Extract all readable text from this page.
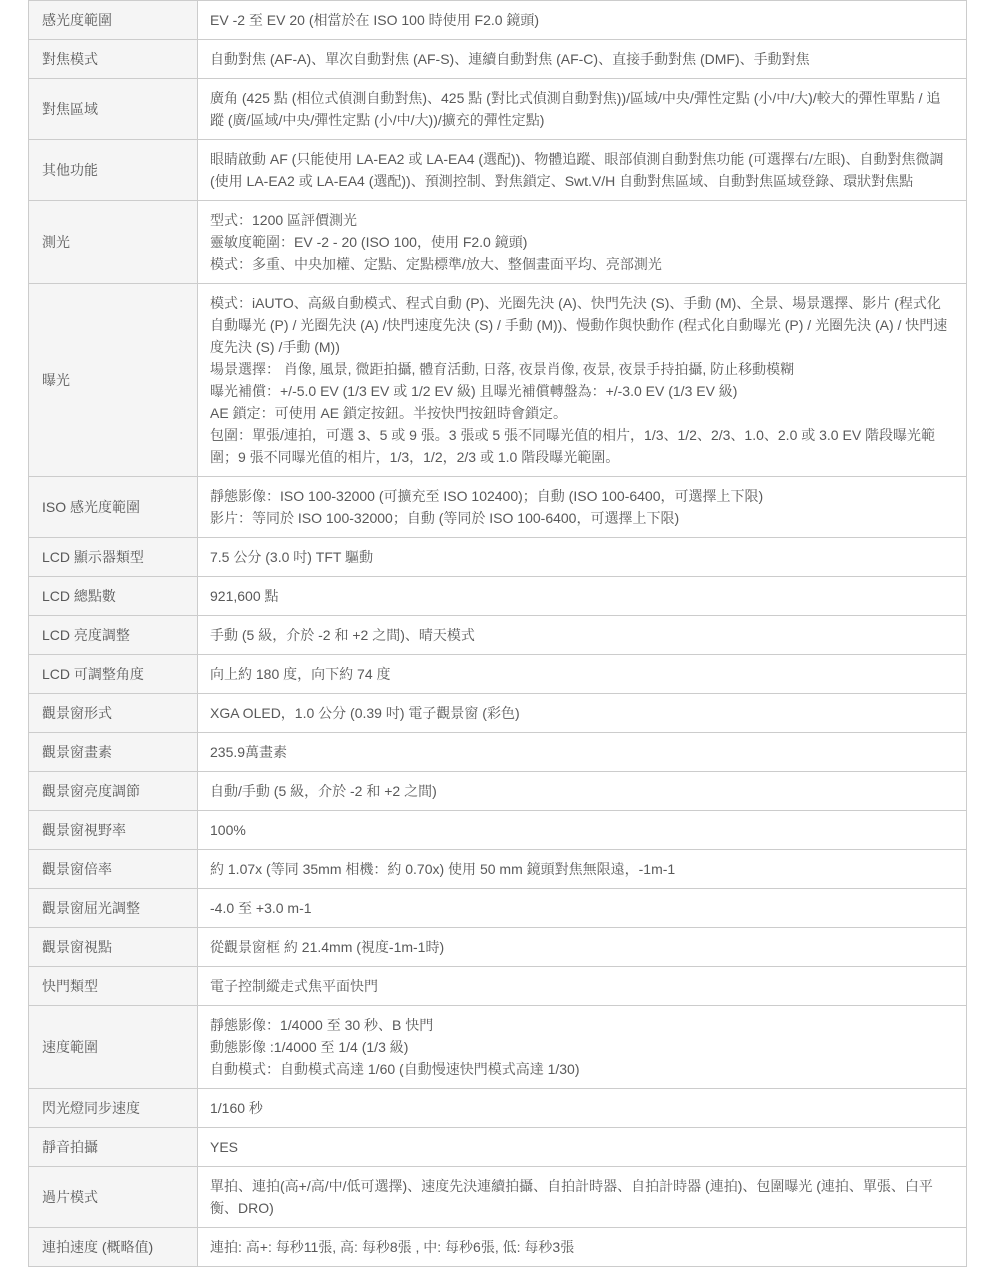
感光度範圍	EV -2 至 EV 20 (相當於在 ISO 100 時使用 F2.0 鏡頭)

對焦模式	自動對焦 (AF-A)、單次自動對焦 (AF-S)、連續自動對焦 (AF-C)、直接手動對焦 (DMF)、手動對焦

對焦區域	廣角 (425 點 (相位式偵測自動對焦)、425 點 (對比式偵測自動對焦))/區域/中央/彈性定點 (小/中/大)/較大的彈性單點 / 追蹤 (廣/區域/中央/彈性定點 (小/中/大))/擴充的彈性定點)

其他功能	眼睛啟動 AF (只能使用 LA-EA2 或 LA-EA4 (選配))、物體追蹤、眼部偵測自動對焦功能 (可選擇右/左眼)、自動對焦微調 (使用 LA-EA2 或 LA-EA4 (選配))、預測控制、對焦鎖定、Swt.V/H 自動對焦區域、自動對焦區域登錄、環狀對焦點

測光	型式：1200 區評價測光
靈敏度範圍：EV -2 - 20 (ISO 100，使用 F2.0 鏡頭)
模式：多重、中央加權、定點、定點標準/放大、整個畫面平均、亮部測光

曝光	模式：iAUTO、高級自動模式、程式自動 (P)、光圈先決 (A)、快門先決 (S)、手動 (M)、全景、場景選擇、影片 (程式化自動曝光 (P) / 光圈先決 (A) /快門速度先決 (S) / 手動 (M))、慢動作與快動作 (程式化自動曝光 (P) / 光圈先決 (A) / 快門速度先決 (S) /手動 (M))
場景選擇： 肖像, 風景, 微距拍攝, 體育活動, 日落, 夜景肖像, 夜景, 夜景手持拍攝, 防止移動模糊
曝光補償：+/-5.0 EV (1/3 EV 或 1/2 EV 級) 且曝光補償轉盤為：+/-3.0 EV (1/3 EV 級)
AE 鎖定：可使用 AE 鎖定按鈕。半按快門按鈕時會鎖定。
包圍：單張/連拍，可選 3、5 或 9 張。3 張或 5 張不同曝光值的相片，1/3、1/2、2/3、1.0、2.0 或 3.0 EV 階段曝光範圍；9 張不同曝光值的相片，1/3，1/2，2/3 或 1.0 階段曝光範圍。

ISO 感光度範圍	靜態影像：ISO 100-32000 (可擴充至 ISO 102400)；自動 (ISO 100-6400，可選擇上下限)
影片：等同於 ISO 100-32000；自動 (等同於 ISO 100-6400，可選擇上下限)

LCD 顯示器類型	7.5 公分 (3.0 吋) TFT 驅動

LCD 總點數	921,600 點

LCD 亮度調整	手動 (5 級，介於 -2 和 +2 之間)、晴天模式

LCD 可調整角度	向上約 180 度，向下約 74 度

觀景窗形式	XGA OLED，1.0 公分 (0.39 吋) 電子觀景窗 (彩色)

觀景窗畫素	235.9萬畫素

觀景窗亮度調節	自動/手動 (5 級，介於 -2 和 +2 之間)

觀景窗視野率	100%

觀景窗倍率	約 1.07x (等同 35mm 相機：約 0.70x) 使用 50 mm 鏡頭對焦無限遠，-1m-1

觀景窗屈光調整	-4.0 至 +3.0 m-1

觀景窗視點	從觀景窗框 約 21.4mm (視度-1m-1時)

快門類型	電子控制縱走式焦平面快門

速度範圍	靜態影像：1/4000 至 30 秒、B 快門
動態影像 :1/4000 至 1/4 (1/3 級)
自動模式：自動模式高達 1/60 (自動慢速快門模式高達 1/30)

閃光燈同步速度	1/160 秒

靜音拍攝	YES

過片模式	單拍、連拍(高+/高/中/低可選擇)、速度先決連續拍攝、自拍計時器、自拍計時器 (連拍)、包圍曝光 (連拍、單張、白平衡、DRO)

連拍速度 (概略值)	連拍: 高+: 每秒11張, 高: 每秒8張 , 中: 每秒6張, 低: 每秒3張
